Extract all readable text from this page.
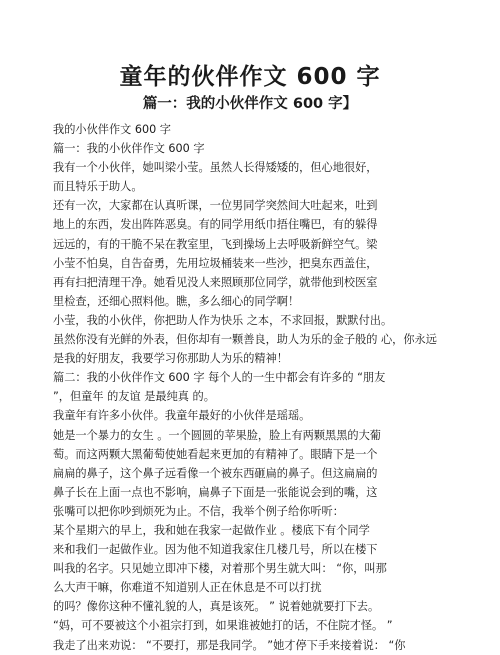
童年的伙伴作文 600 字
篇一：我的小伙伴作文 600 字】
我的小伙伴作文 600 字
篇一：我的小伙伴作文 600 字
我有一个小伙伴，她叫梁小莹。虽然人长得矮矮的，但心地很好，
而且特乐于助人。
还有一次，大家都在认真听课，一位男同学突然间大吐起来，吐到
地上的东西，发出阵阵恶臭。有的同学用纸巾捂住嘴巴，有的躲得
远远的，有的干脆不呆在教室里，飞到操场上去呼吸新鲜空气。梁
小莹不怕臭，自告奋勇，先用垃圾桶装来一些沙，把臭东西盖住，
再有扫把清理干净。她看见没人来照顾那位同学，就带他到校医室
里检查，还细心照料他。瞧，多么细心的同学啊！
小莹，我的小伙伴，你把助人作为快乐 之本，不求回报，默默付出。
虽然你没有光鲜的外表，但你却有一颗善良，助人为乐的金子般的 心，你永远
是我的好朋友，我要学习你那助人为乐的精神！
篇二：我的小伙伴作文 600 字 每个人的一生中都会有许多的 “朋友
”，但童年 的友谊 是最纯真 的。
我童年有许多小伙伴。我童年最好的小伙伴是瑶瑶。
她是一个暴力的女生 。一个圆圆的苹果脸，脸上有两颗黑黑的大葡
萄。而这两颗大黑葡萄使她看起来更加的有精神了。眼睛下是一个
扁扁的鼻子，这个鼻子远看像一个被东西砸扁的鼻子。但这扁扁的
鼻子长在上面一点也不影响，扁鼻子下面是一张能说会到的嘴，这
张嘴可以把你吵到烦死为止。不信，我举个例子给你听听：
某个星期六的早上，我和她在我家一起做作业 。楼底下有个同学
来和我们一起做作业。因为他不知道我家住几楼几号，所以在楼下
叫我的名字。只见她立即冲下楼，对着那个男生就大叫： “你，叫那
么大声干嘛，你难道不知道别人正在休息是不可以打扰
的吗？像你这种不懂礼貌的人，真是该死。 ” 说着她就要打下去。
“妈，可不要被这个小祖宗打到，如果谁被她打的话，不住院才怪。 ”
我走了出来劝说： “不要打，那是我同学。 ”她才停下手来接着说： “你
